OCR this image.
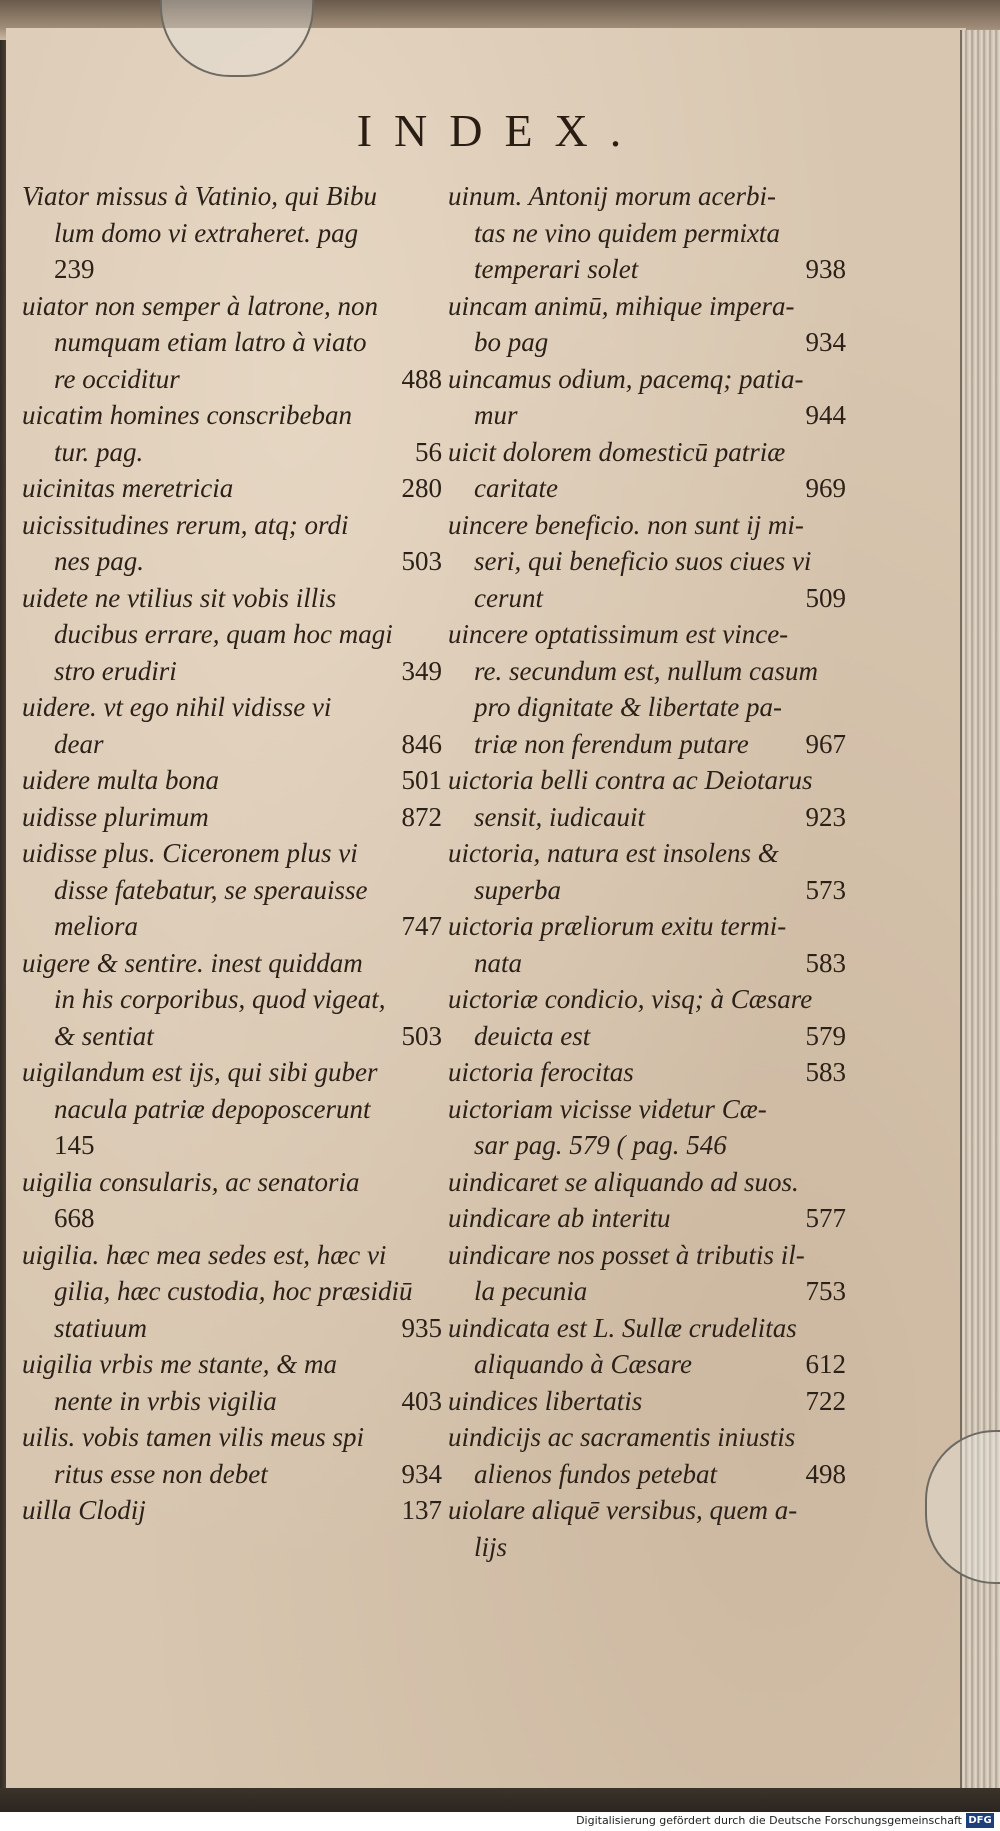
INDEX.
Viator missus à Vatinio, qui Bibu
lum domo vi extraheret. pag
239
uiator non semper à latrone, non
numquam etiam latro à viato
re occiditur	488
uicatim homines conscribeban
tur. pag.	56
uicinitas meretricia	280
uicissitudines rerum, atq; ordi
nes pag.	503
uidete ne vtilius sit vobis illis
ducibus errare, quam hoc magi
stro erudiri	349
uidere. vt ego nihil vidisse vi
dear	846
uidere multa bona	501
uidisse plurimum	872
uidisse plus. Ciceronem plus vi
disse fatebatur, se sperauisse
meliora	747
uigere & sentire. inest quiddam
in his corporibus, quod vigeat,
& sentiat	503
uigilandum est ijs, qui sibi guber
nacula patriæ depoposcerunt
145
uigilia consularis, ac senatoria
668
uigilia. hæc mea sedes est, hæc vi
gilia, hæc custodia, hoc præsidiū
statiuum	935
uigilia vrbis me stante, & ma
nente in vrbis vigilia	403
uilis. vobis tamen vilis meus spi
ritus esse non debet	934
uilla Clodij	137
uinum. Antonij morum acerbi-
tas ne vino quidem permixta
temperari solet	938
uincam animū, mihique impera-
bo pag	934
uincamus odium, pacemq; patia-
mur	944
uicit dolorem domesticū patriæ
caritate	969
uincere beneficio. non sunt ij mi-
seri, qui beneficio suos ciues vi
cerunt	509
uincere optatissimum est vince-
re. secundum est, nullum casum
pro dignitate & libertate pa-
triæ non ferendum putare 967
uictoria belli contra ac Deiotarus
sensit, iudicauit	923
uictoria, natura est insolens &
superba	573
uictoria præliorum exitu termi-
nata	583
uictoriæ condicio, visq; à Cæsare
deuicta est	579
uictoria ferocitas	583
uictoriam vicisse videtur Cæ-
sar pag. 579 ( pag. 546
uindicaret se aliquando ad suos.
uindicare ab interitu	577
uindicare nos posset à tributis il-
la pecunia	753
uindicata est L. Sullæ crudelitas
aliquando à Cæsare	612
uindices libertatis	722
uindicijs ac sacramentis iniustis
alienos fundos petebat	498
uiolare aliquē versibus, quem a-
lijs
Digitalisierung gefördert durch die Deutsche Forschungsgemeinschaft DFG
